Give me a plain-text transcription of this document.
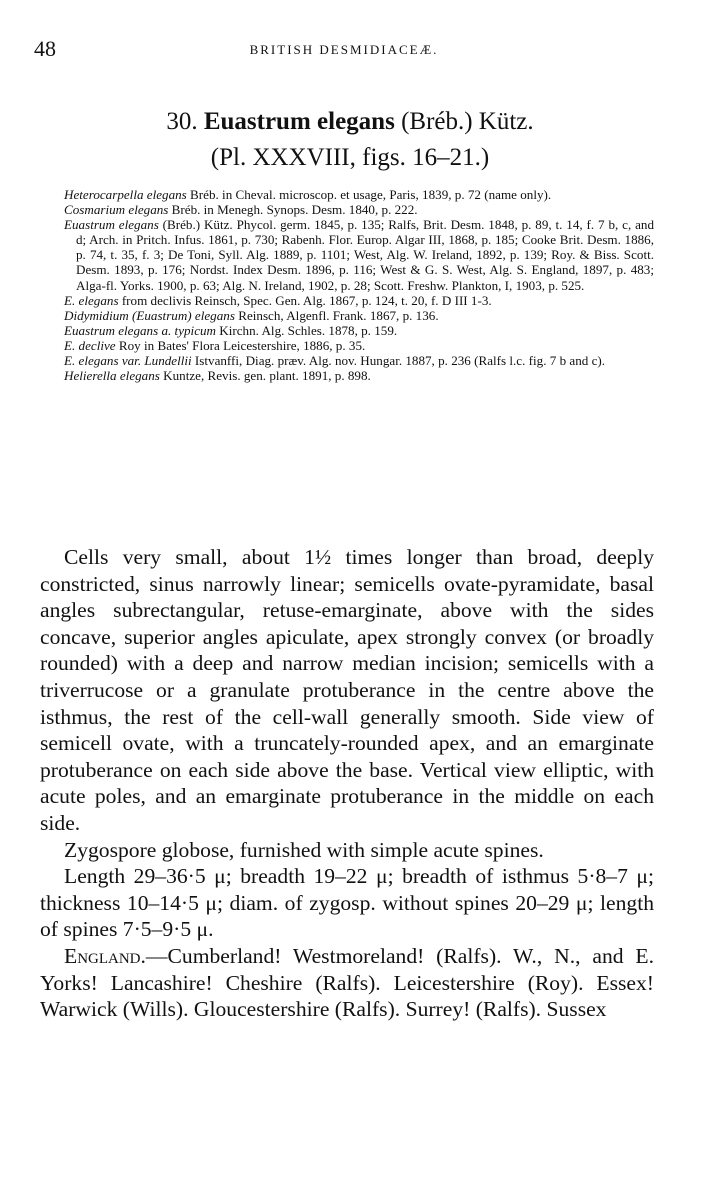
48	BRITISH DESMIDIACEÆ.
30. Euastrum elegans (Bréb.) Kütz.
(Pl. XXXVIII, figs. 16–21.)

Heterocarpella elegans Bréb. in Cheval. microscop. et usage, Paris, 1839, p. 72 (name only).

Cosmarium elegans Bréb. in Menegh. Synops. Desm. 1840, p. 222.

Euastrum elegans (Bréb.) Kütz. Phycol. germ. 1845, p. 135; Ralfs, Brit. Desm. 1848, p. 89, t. 14, f. 7 b, c, and d; Arch. in Pritch. Infus. 1861, p. 730; Rabenh. Flor. Europ. Algar III, 1868, p. 185; Cooke Brit. Desm. 1886, p. 74, t. 35, f. 3; De Toni, Syll. Alg. 1889, p. 1101; West, Alg. W. Ireland, 1892, p. 139; Roy. & Biss. Scott. Desm. 1893, p. 176; Nordst. Index Desm. 1896, p. 116; West & G. S. West, Alg. S. England, 1897, p. 483; Alga-fl. Yorks. 1900, p. 63; Alg. N. Ireland, 1902, p. 28; Scott. Freshw. Plankton, I, 1903, p. 525.

E. elegans from declivis Reinsch, Spec. Gen. Alg. 1867, p. 124, t. 20, f. D III 1-3.

Didymidium (Euastrum) elegans Reinsch, Algenfl. Frank. 1867, p. 136.

Euastrum elegans a. typicum Kirchn. Alg. Schles. 1878, p. 159.

E. declive Roy in Bates' Flora Leicestershire, 1886, p. 35.

E. elegans var. Lundellii Istvanffi, Diag. præv. Alg. nov. Hungar. 1887, p. 236 (Ralfs l.c. fig. 7 b and c).

Helierella elegans Kuntze, Revis. gen. plant. 1891, p. 898.

Cells very small, about 1½ times longer than broad, deeply constricted, sinus narrowly linear; semicells ovate-pyramidate, basal angles subrectangular, retuse-emarginate, above with the sides concave, superior angles apiculate, apex strongly convex (or broadly rounded) with a deep and narrow median incision; semicells with a triverrucose or a granulate protuberance in the centre above the isthmus, the rest of the cell-wall generally smooth. Side view of semicell ovate, with a truncately-rounded apex, and an emarginate protuberance on each side above the base. Vertical view elliptic, with acute poles, and an emarginate protuberance in the middle on each side.

Zygospore globose, furnished with simple acute spines.

Length 29–36·5 μ; breadth 19–22 μ; breadth of isthmus 5·8–7 μ; thickness 10–14·5 μ; diam. of zygosp. without spines 20–29 μ; length of spines 7·5–9·5 μ.

England.—Cumberland! Westmoreland! (Ralfs). W., N., and E. Yorks! Lancashire! Cheshire (Ralfs). Leicestershire (Roy). Essex! Warwick (Wills). Gloucestershire (Ralfs). Surrey! (Ralfs). Sussex
